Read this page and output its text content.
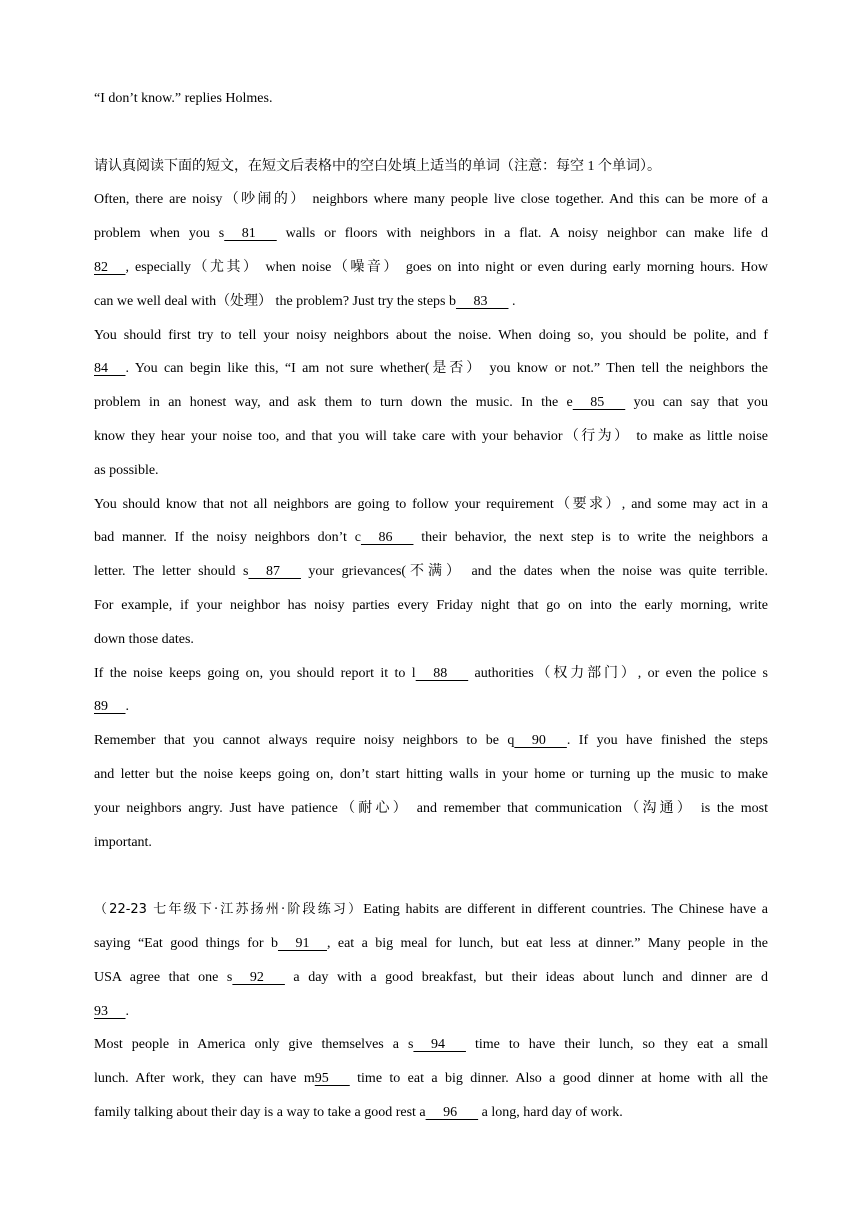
“I don’t know.” replies Holmes.

请认真阅读下面的短文，在短文后表格中的空白处填上适当的单词（注意：每空 1 个单词）。

Often, there are noisy（吵闹的） neighbors where many people live close together. And this can be more of a

problem when you s     81       walls or floors with neighbors in a flat. A noisy neighbor can make life d

82     , especially（尤其） when noise（噪音） goes on into night or even during early morning hours. How

can we well deal with（处理） the problem? Just try the steps b     83       .

You should first try to tell your noisy neighbors about the noise. When doing so, you should be polite, and f

84     . You can begin like this, “I am not sure whether(是否） you know or not.” Then tell the neighbors the

problem in an honest way, and ask them to turn down the music. In the e     85       you can say that you

know they hear your noise too, and that you will take care with your behavior（行为） to make as little noise

as possible.

You should know that not all neighbors are going to follow your requirement（要求）, and some may act in a

bad manner. If the noisy neighbors don’t c     86       their behavior, the next step is to write the neighbors a

letter. The letter should s     87       your grievances(不满） and the dates when the noise was quite terrible.

For example, if your neighbor has noisy parties every Friday night that go on into the early morning, write

down those dates.

If the noise keeps going on, you should report it to l     88       authorities（权力部门）, or even the police s

89     .

Remember that you cannot always require noisy neighbors to be q     90      . If you have finished the steps

and letter but the noise keeps going on, don’t start hitting walls in your home or turning up the music to make

your neighbors angry. Just have patience（耐心） and remember that communication（沟通） is the most

important.

（22-23 七年级下·江苏扬州·阶段练习）Eating habits are different in different countries. The Chinese have a

saying “Eat good things for b     91     , eat a big meal for lunch, but eat less at dinner.” Many people in the

USA agree that one s     92       a day with a good breakfast, but their ideas about lunch and dinner are d

93     .

Most people in America only give themselves a s     94       time to have their lunch, so they eat a small

lunch. After work, they can have m95       time to eat a big dinner. Also a good dinner at home with all the

family talking about their day is a way to take a good rest a     96       a long, hard day of work.
